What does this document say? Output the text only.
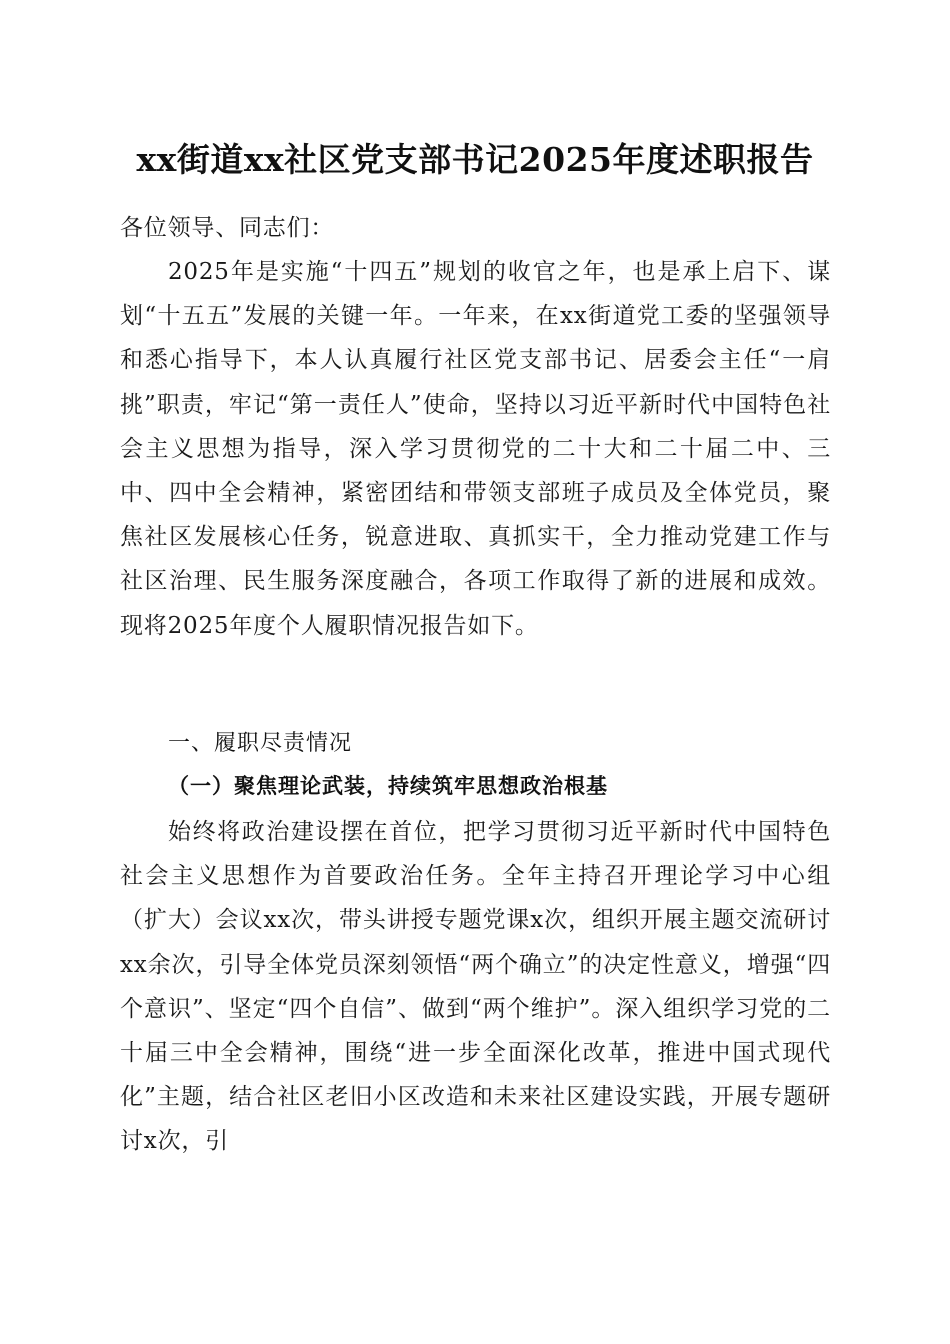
xx街道xx社区党支部书记2025年度述职报告
各位领导、同志们：
2025年是实施“十四五”规划的收官之年，也是承上启下、谋划“十五五”发展的关键一年。一年来，在xx街道党工委的坚强领导和悉心指导下，本人认真履行社区党支部书记、居委会主任“一肩挑”职责，牢记“第一责任人”使命，坚持以习近平新时代中国特色社会主义思想为指导，深入学习贯彻党的二十大和二十届二中、三中、四中全会精神，紧密团结和带领支部班子成员及全体党员，聚焦社区发展核心任务，锐意进取、真抓实干，全力推动党建工作与社区治理、民生服务深度融合，各项工作取得了新的进展和成效。现将2025年度个人履职情况报告如下。
一、履职尽责情况
（一）聚焦理论武装，持续筑牢思想政治根基
始终将政治建设摆在首位，把学习贯彻习近平新时代中国特色社会主义思想作为首要政治任务。全年主持召开理论学习中心组（扩大）会议xx次，带头讲授专题党课x次，组织开展主题交流研讨xx余次，引导全体党员深刻领悟“两个确立”的决定性意义，增强“四个意识”、坚定“四个自信”、做到“两个维护”。深入组织学习党的二十届三中全会精神，围绕“进一步全面深化改革，推进中国式现代化”主题，结合社区老旧小区改造和未来社区建设实践，开展专题研讨x次，引
